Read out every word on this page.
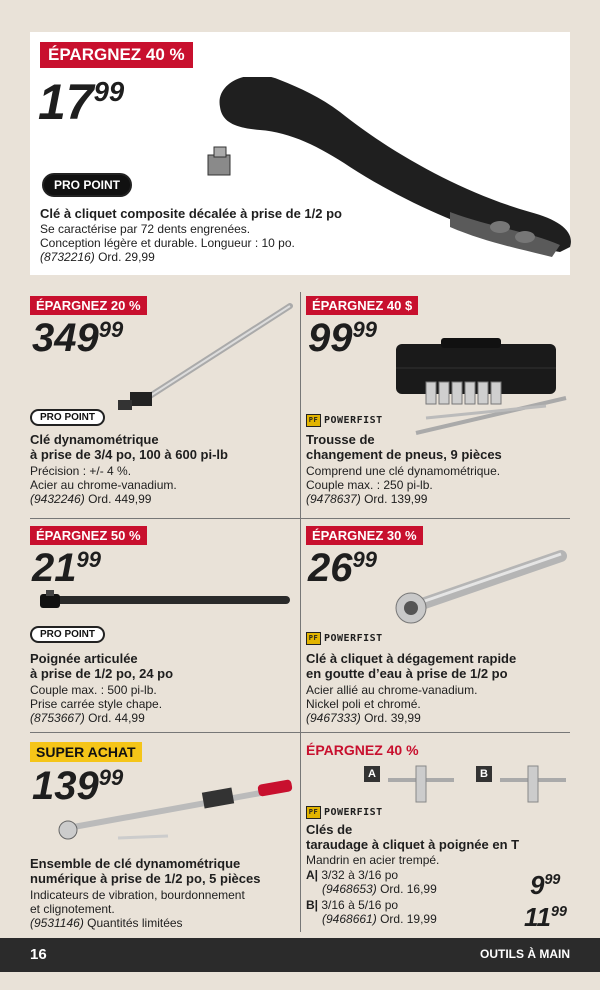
ÉPARGNEZ 40 %
$17^{99}$
PRO POINT
Clé à cliquet composite décalée à prise de 1/2 po
Se caractérise par 72 dents engrenées.
Conception légère et durable. Longueur : 10 po.
(8732216) Ord. 29,99
ÉPARGNEZ 20 %
$349^{99}$
PRO POINT
Clé dynamométrique
à prise de 3/4 po, 100 à 600 pi-lb
Précision : +/- 4 %.
Acier au chrome-vanadium.
(9432246) Ord. 449,99
ÉPARGNEZ 40 $
$99^{99}$
PF POWERFIST
Trousse de
changement de pneus, 9 pièces
Comprend une clé dynamométrique.
Couple max. : 250 pi-lb.
(9478637) Ord. 139,99
ÉPARGNEZ 50 %
$21^{99}$
PRO POINT
Poignée articulée
à prise de 1/2 po, 24 po
Couple max. : 500 pi-lb.
Prise carrée style chape.
(8753667) Ord. 44,99
ÉPARGNEZ 30 %
$26^{99}$
PF POWERFIST
Clé à cliquet à dégagement rapide
en goutte d’eau à prise de 1/2 po
Acier allié au chrome-vanadium.
Nickel poli et chromé.
(9467333) Ord. 39,99
SUPER ACHAT
$139^{99}$
Ensemble de clé dynamométrique
numérique à prise de 1/2 po, 5 pièces
Indicateurs de vibration, bourdonnement
et clignotement.
(9531146) Quantités limitées
ÉPARGNEZ 40 %
A	B
PF POWERFIST
Clés de
taraudage à cliquet à poignée en T
Mandrin en acier trempé.
A| 3/32 à 3/16 po
(9468653) Ord. 16,99
B| 3/16 à 5/16 po
(9468661) Ord. 19,99
$9^{99}$
$11^{99}$
16	OUTILS À MAIN
